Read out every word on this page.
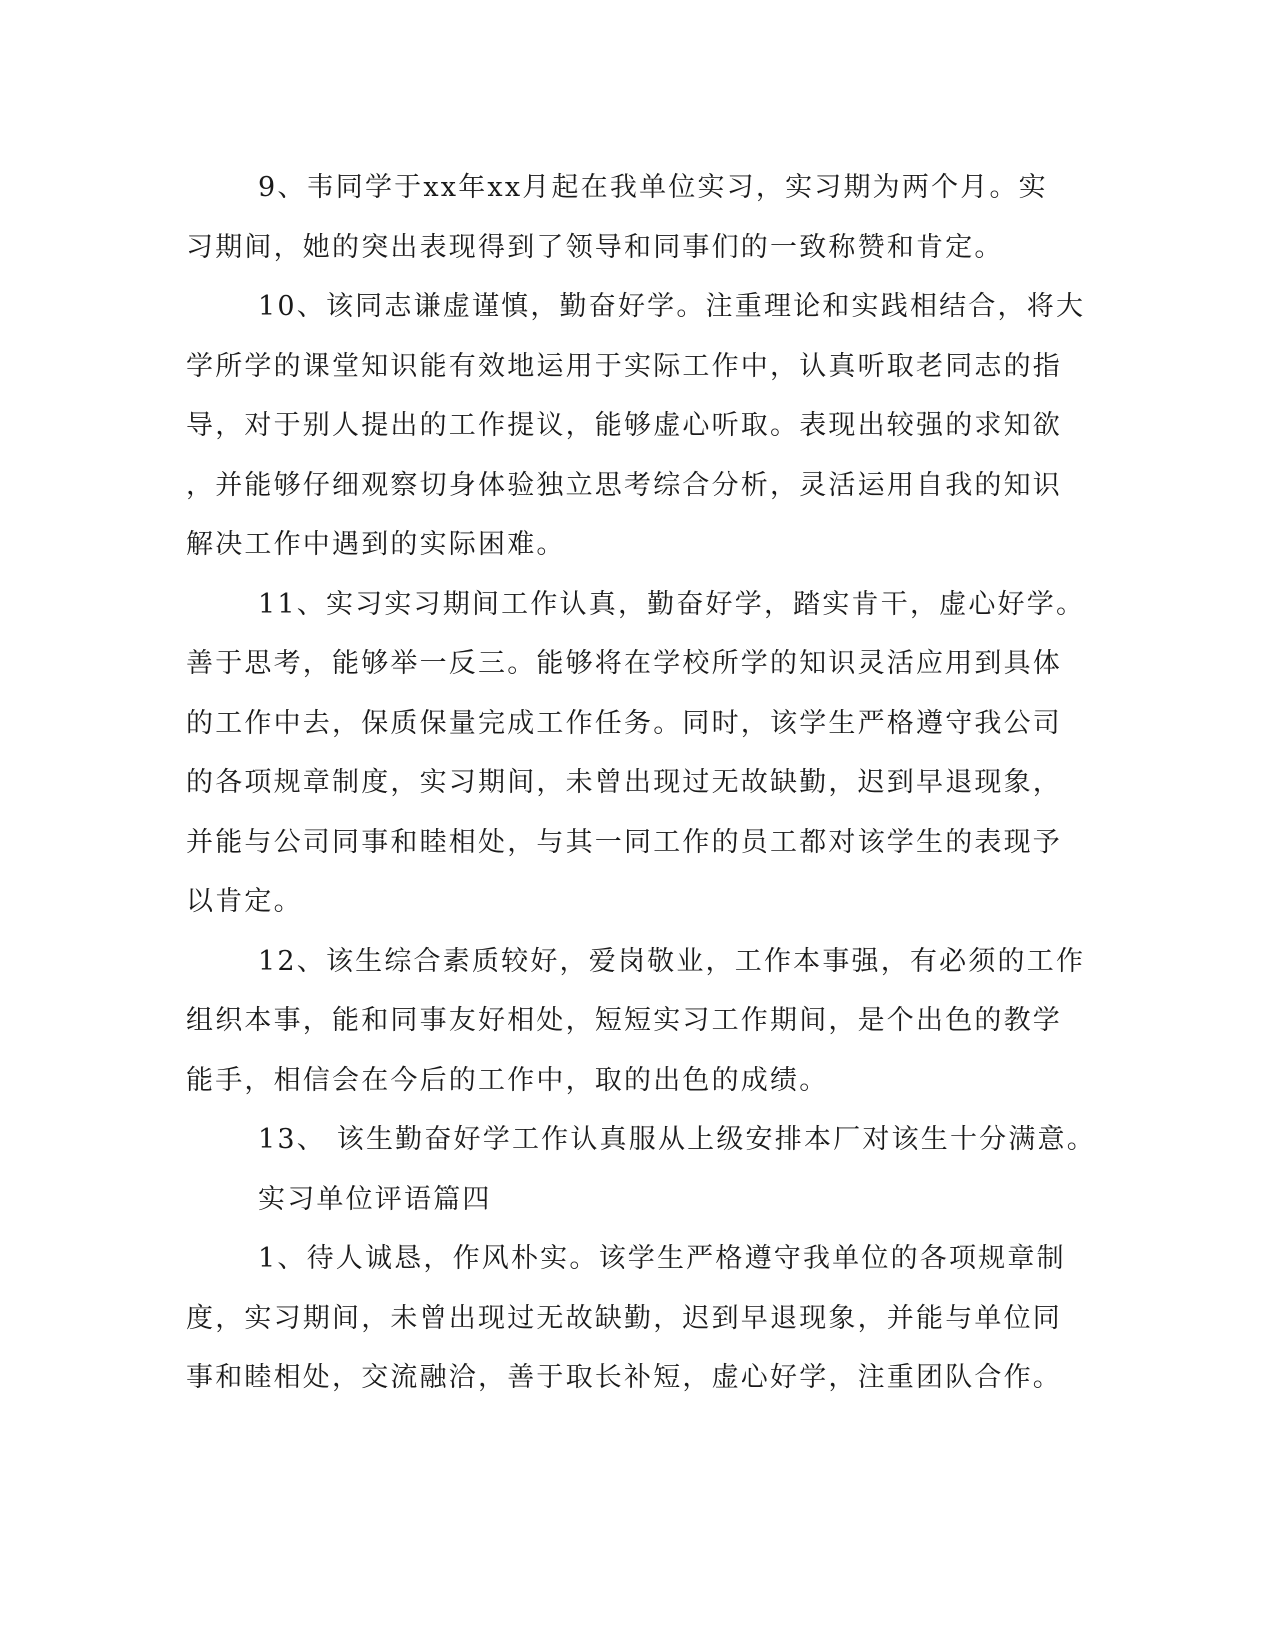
9、韦同学于xx年xx月起在我单位实习，实习期为两个月。实
习期间，她的突出表现得到了领导和同事们的一致称赞和肯定。
10、该同志谦虚谨慎，勤奋好学。注重理论和实践相结合，将大
学所学的课堂知识能有效地运用于实际工作中，认真听取老同志的指
导，对于别人提出的工作提议，能够虚心听取。表现出较强的求知欲
，并能够仔细观察切身体验独立思考综合分析，灵活运用自我的知识
解决工作中遇到的实际困难。
11、实习实习期间工作认真，勤奋好学，踏实肯干，虚心好学。
善于思考，能够举一反三。能够将在学校所学的知识灵活应用到具体
的工作中去，保质保量完成工作任务。同时，该学生严格遵守我公司
的各项规章制度，实习期间，未曾出现过无故缺勤，迟到早退现象，
并能与公司同事和睦相处，与其一同工作的员工都对该学生的表现予
以肯定。
12、该生综合素质较好，爱岗敬业，工作本事强，有必须的工作
组织本事，能和同事友好相处，短短实习工作期间，是个出色的教学
能手，相信会在今后的工作中，取的出色的成绩。
13、 该生勤奋好学工作认真服从上级安排本厂对该生十分满意。
实习单位评语篇四
1、待人诚恳，作风朴实。该学生严格遵守我单位的各项规章制
度，实习期间，未曾出现过无故缺勤，迟到早退现象，并能与单位同
事和睦相处，交流融洽，善于取长补短，虚心好学，注重团队合作。
